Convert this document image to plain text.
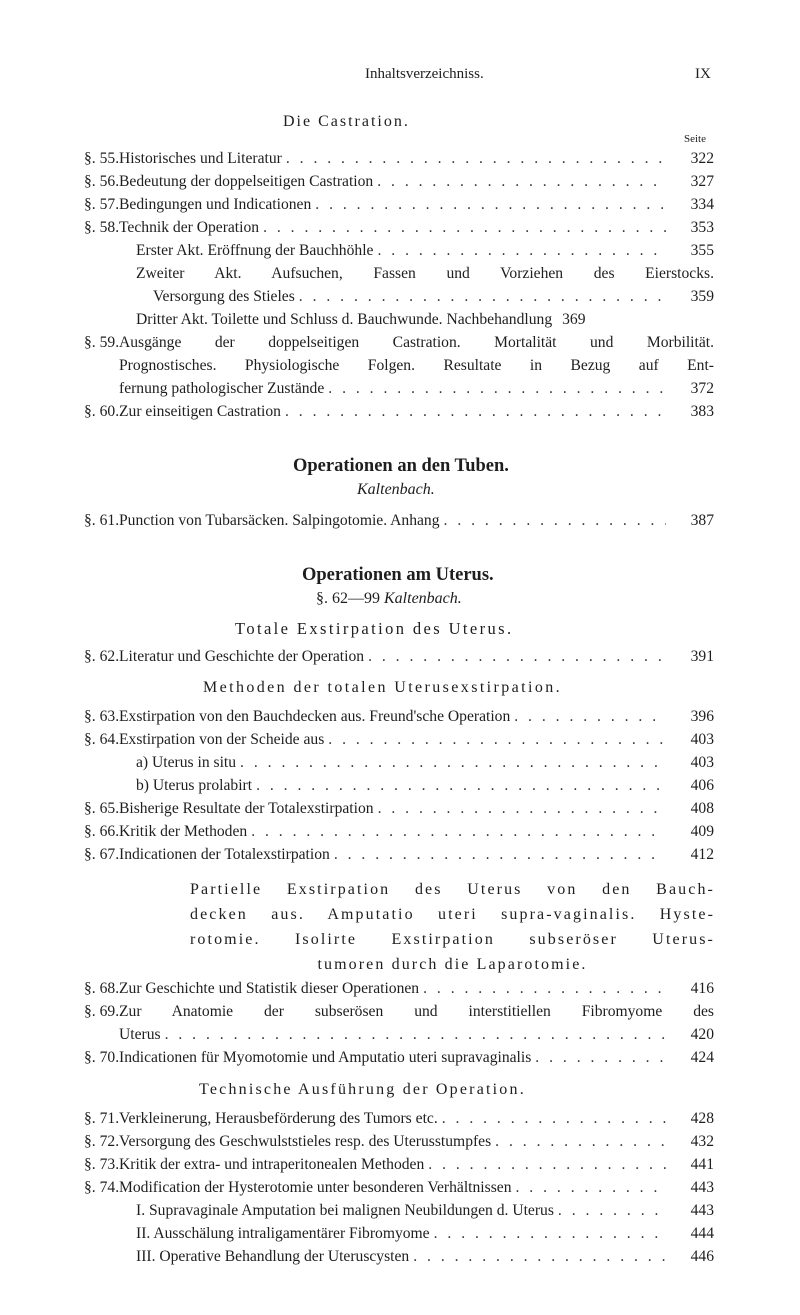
Inhaltsverzeichniss.	IX
Die Castration.
Seite
§. 55. Historisches und Literatur . . .	322
§. 56. Bedeutung der doppelseitigen Castration . . .	327
§. 57. Bedingungen und Indicationen . . .	334
§. 58. Technik der Operation . . .	353
Erster Akt. Eröffnung der Bauchhöhle . . .	355
Zweiter Akt. Aufsuchen, Fassen und Vorziehen des Eierstocks.
Versorgung des Stieles . . .	359
Dritter Akt. Toilette und Schluss d. Bauchwunde. Nachbehandlung 369
§. 59. Ausgänge der doppelseitigen Castration. Mortalität und Morbilität.
Prognostisches. Physiologische Folgen. Resultate in Bezug auf Ent-
fernung pathologischer Zustände . . .	372
§. 60. Zur einseitigen Castration . . .	383
Operationen an den Tuben.
Kaltenbach.
§. 61. Punction von Tubarsäcken. Salpingotomie. Anhang . . .	387
Operationen am Uterus.
§. 62—99 Kaltenbach.
Totale Exstirpation des Uterus.
§. 62. Literatur und Geschichte der Operation . . .	391
Methoden der totalen Uterusexstirpation.
§. 63. Exstirpation von den Bauchdecken aus. Freund'sche Operation . . .	396
§. 64. Exstirpation von der Scheide aus . . .	403
a) Uterus in situ . . .	403
b) Uterus prolabirt . . .	406
§. 65. Bisherige Resultate der Totalexstirpation . . .	408
§. 66. Kritik der Methoden . . .	409
§. 67. Indicationen der Totalexstirpation . . .	412
Partielle Exstirpation des Uterus von den Bauch-
decken aus. Amputatio uteri supra-vaginalis. Hyste-
rotomie. Isolirte Exstirpation subseröser Uterus-
tumoren durch die Laparotomie.
§. 68. Zur Geschichte und Statistik dieser Operationen . . .	416
§. 69. Zur Anatomie der subserösen und interstitiellen Fibromyome des
Uterus . . .	420
§. 70. Indicationen für Myomotomie und Amputatio uteri supravaginalis . . .	424
Technische Ausführung der Operation.
§. 71. Verkleinerung, Herausbeförderung des Tumors etc. . . .	428
§. 72. Versorgung des Geschwulststieles resp. des Uterusstumpfes . . .	432
§. 73. Kritik der extra- und intraperitonealen Methoden . . .	441
§. 74. Modification der Hysterotomie unter besonderen Verhältnissen . . .	443
I. Supravaginale Amputation bei malignen Neubildungen d. Uterus . . .	443
II. Ausschälung intraligamentärer Fibromyome . . .	444
III. Operative Behandlung der Uteruscysten . . .	446
